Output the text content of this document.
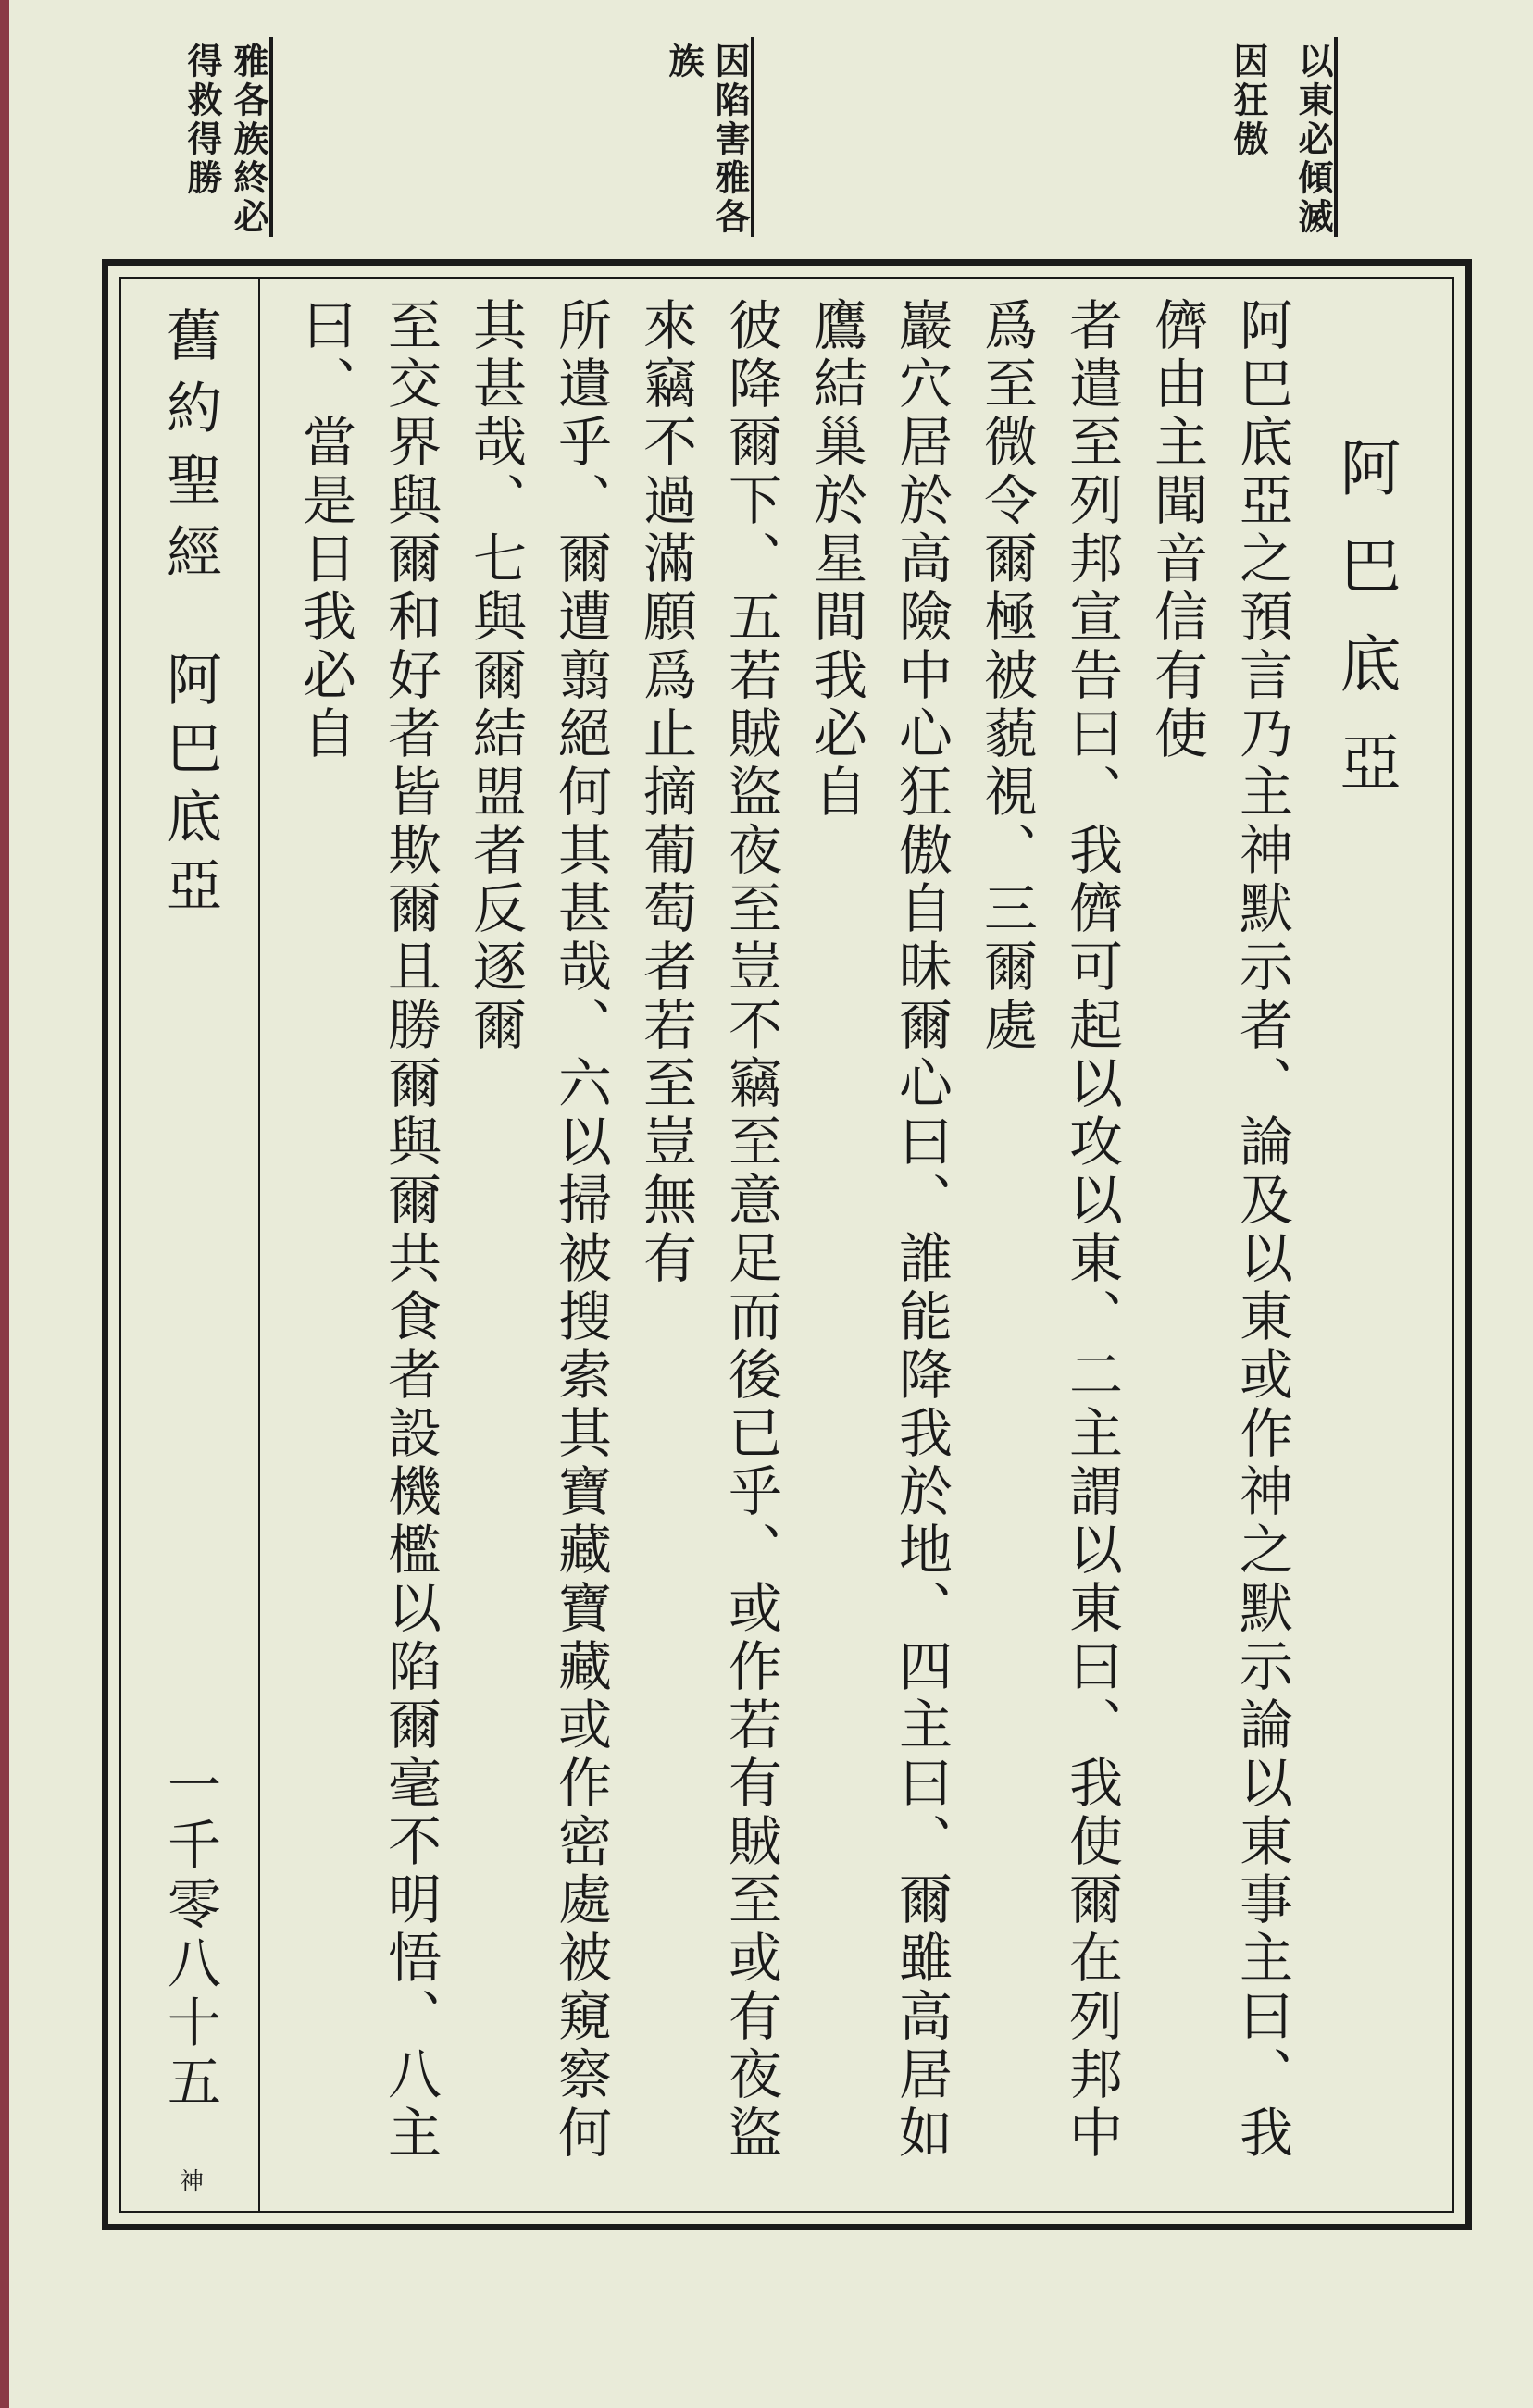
以東必傾滅
因狂傲
因陷害雅各
族
雅各族終必
得救得勝
舊約聖經
阿巴底亞
一千零八十五
神
阿巴底亞
阿巴底亞之預言乃主神默示者、論及以東或作神之默示論以東事主曰、我儕由主聞音信有使
者遣至列邦宣告曰、我儕可起以攻以東、二主謂以東曰、我使爾在列邦中爲至微令爾極被藐視、三爾處
巖穴居於高險中心狂傲自昧爾心曰、誰能降我於地、四主曰、爾雖高居如鷹結巢於星間我必自
彼降爾下、五若賊盜夜至豈不竊至意足而後已乎、或作若有賊至或有夜盜來竊不過滿願爲止摘葡萄者若至豈無有
所遺乎、爾遭翦絕何其甚哉、六以掃被搜索其寶藏寶藏或作密處被窺察何其甚哉、七與爾結盟者反逐爾
至交界與爾和好者皆欺爾且勝爾與爾共食者設機檻以陷爾毫不明悟、八主曰、當是日我必自
